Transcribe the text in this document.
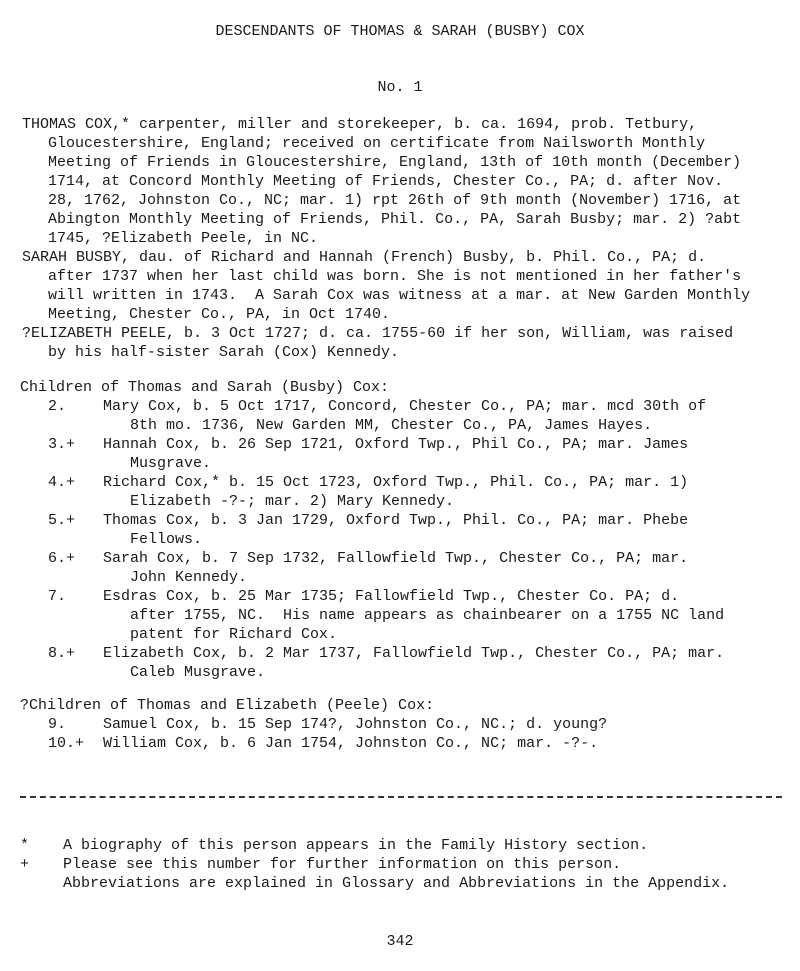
DESCENDANTS OF THOMAS & SARAH (BUSBY) COX
No. 1
THOMAS COX,* carpenter, miller and storekeeper, b. ca. 1694, prob. Tetbury,
Gloucestershire, England; received on certificate from Nailsworth Monthly
Meeting of Friends in Gloucestershire, England, 13th of 10th month (December)
1714, at Concord Monthly Meeting of Friends, Chester Co., PA; d. after Nov.
28, 1762, Johnston Co., NC; mar. 1) rpt 26th of 9th month (November) 1716, at
Abington Monthly Meeting of Friends, Phil. Co., PA, Sarah Busby; mar. 2) ?abt
1745, ?Elizabeth Peele, in NC.
SARAH BUSBY, dau. of Richard and Hannah (French) Busby, b. Phil. Co., PA; d.
after 1737 when her last child was born. She is not mentioned in her father's
will written in 1743.  A Sarah Cox was witness at a mar. at New Garden Monthly
Meeting, Chester Co., PA, in Oct 1740.
?ELIZABETH PEELE, b. 3 Oct 1727; d. ca. 1755-60 if her son, William, was raised
by his half-sister Sarah (Cox) Kennedy.
Children of Thomas and Sarah (Busby) Cox:
2. Mary Cox, b. 5 Oct 1717, Concord, Chester Co., PA; mar. mcd 30th of
8th mo. 1736, New Garden MM, Chester Co., PA, James Hayes.
3.+ Hannah Cox, b. 26 Sep 1721, Oxford Twp., Phil Co., PA; mar. James
Musgrave.
4.+ Richard Cox,* b. 15 Oct 1723, Oxford Twp., Phil. Co., PA; mar. 1)
Elizabeth -?-; mar. 2) Mary Kennedy.
5.+ Thomas Cox, b. 3 Jan 1729, Oxford Twp., Phil. Co., PA; mar. Phebe
Fellows.
6.+ Sarah Cox, b. 7 Sep 1732, Fallowfield Twp., Chester Co., PA; mar.
John Kennedy.
7. Esdras Cox, b. 25 Mar 1735; Fallowfield Twp., Chester Co. PA; d.
after 1755, NC.  His name appears as chainbearer on a 1755 NC land
patent for Richard Cox.
8.+ Elizabeth Cox, b. 2 Mar 1737, Fallowfield Twp., Chester Co., PA; mar.
Caleb Musgrave.
?Children of Thomas and Elizabeth (Peele) Cox:
9. Samuel Cox, b. 15 Sep 174?, Johnston Co., NC.; d. young?
10.+ William Cox, b. 6 Jan 1754, Johnston Co., NC; mar. -?-.
* A biography of this person appears in the Family History section.
+ Please see this number for further information on this person.
Abbreviations are explained in Glossary and Abbreviations in the Appendix.
342
